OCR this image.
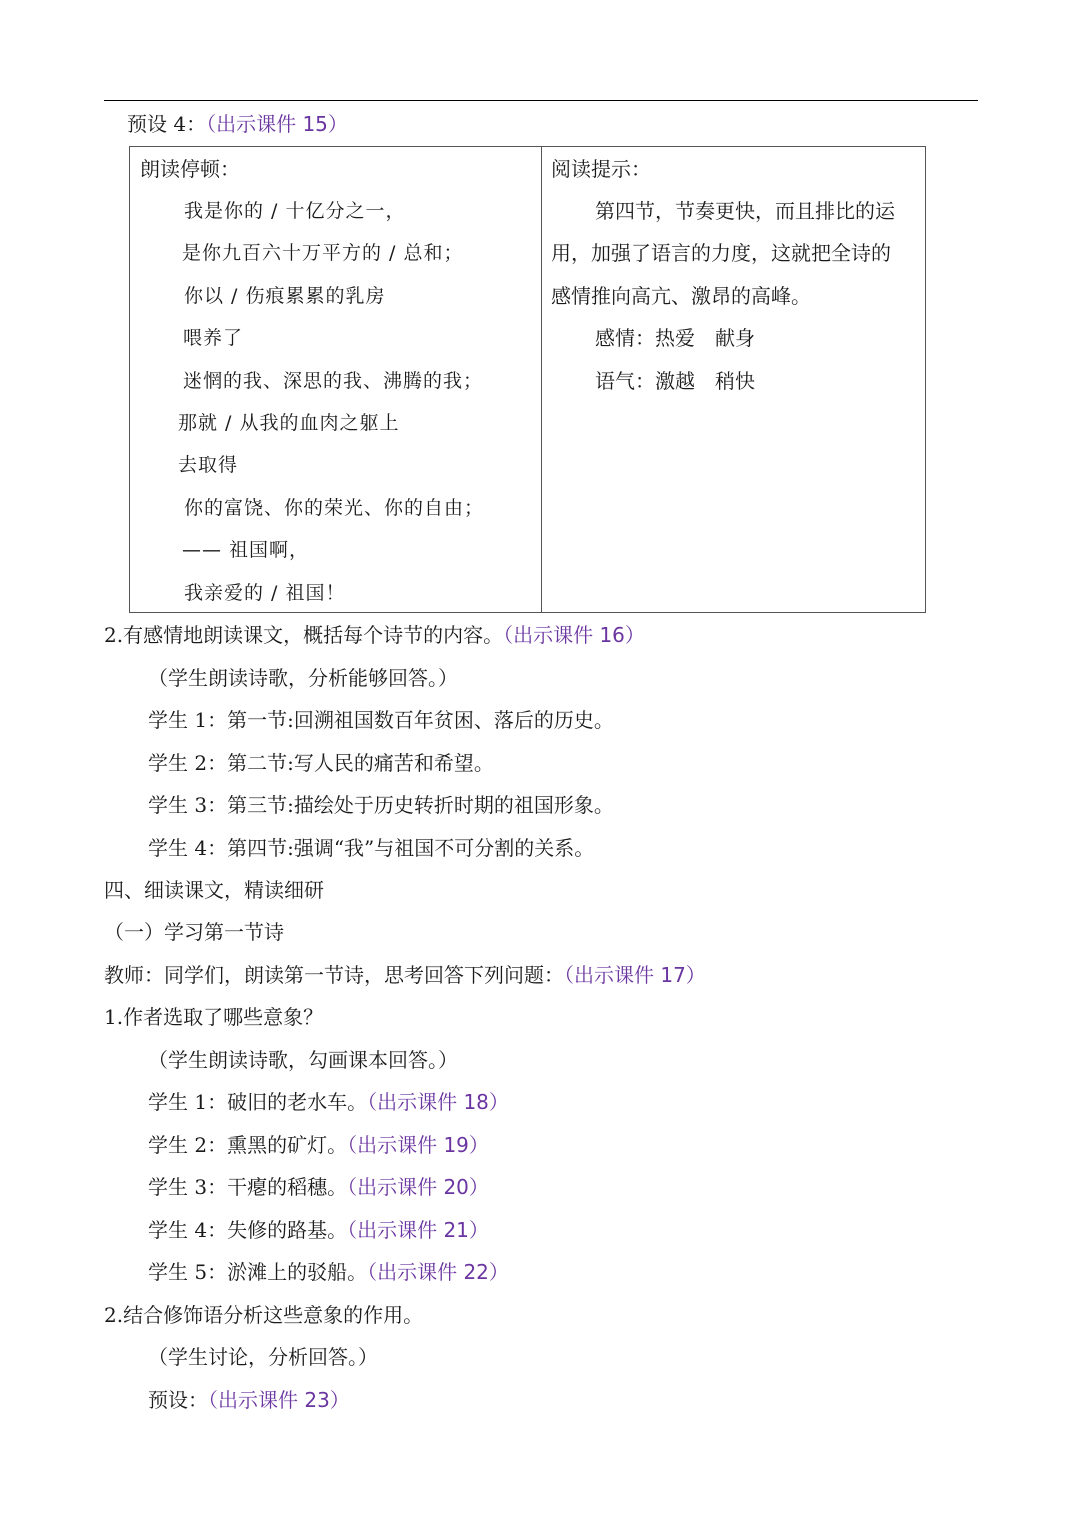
预设 4：（出示课件 15）
朗读停顿：
我是你的 / 十亿分之一，
是你九百六十万平方的 / 总和；
你以 / 伤痕累累的乳房
喂养了
迷惘的我、深思的我、沸腾的我；
那就 / 从我的血肉之躯上
去取得
你的富饶、你的荣光、你的自由；
—— 祖国啊，
我亲爱的 / 祖国！
阅读提示：
第四节，节奏更快，而且排比的运
用，加强了语言的力度，这就把全诗的
感情推向高亢、激昂的高峰。
感情：热爱　献身
语气：激越　稍快
2.有感情地朗读课文，概括每个诗节的内容。（出示课件 16）
（学生朗读诗歌，分析能够回答。）
学生 1：第一节:回溯祖国数百年贫困、落后的历史。
学生 2：第二节:写人民的痛苦和希望。
学生 3：第三节:描绘处于历史转折时期的祖国形象。
学生 4：第四节:强调“我”与祖国不可分割的关系。
四、细读课文，精读细研
（一）学习第一节诗
教师：同学们，朗读第一节诗，思考回答下列问题：（出示课件 17）
1.作者选取了哪些意象？
（学生朗读诗歌，勾画课本回答。）
学生 1：破旧的老水车。（出示课件 18）
学生 2：熏黑的矿灯。（出示课件 19）
学生 3：干瘪的稻穗。（出示课件 20）
学生 4：失修的路基。（出示课件 21）
学生 5：淤滩上的驳船。（出示课件 22）
2.结合修饰语分析这些意象的作用。
（学生讨论，分析回答。）
预设：（出示课件 23）
